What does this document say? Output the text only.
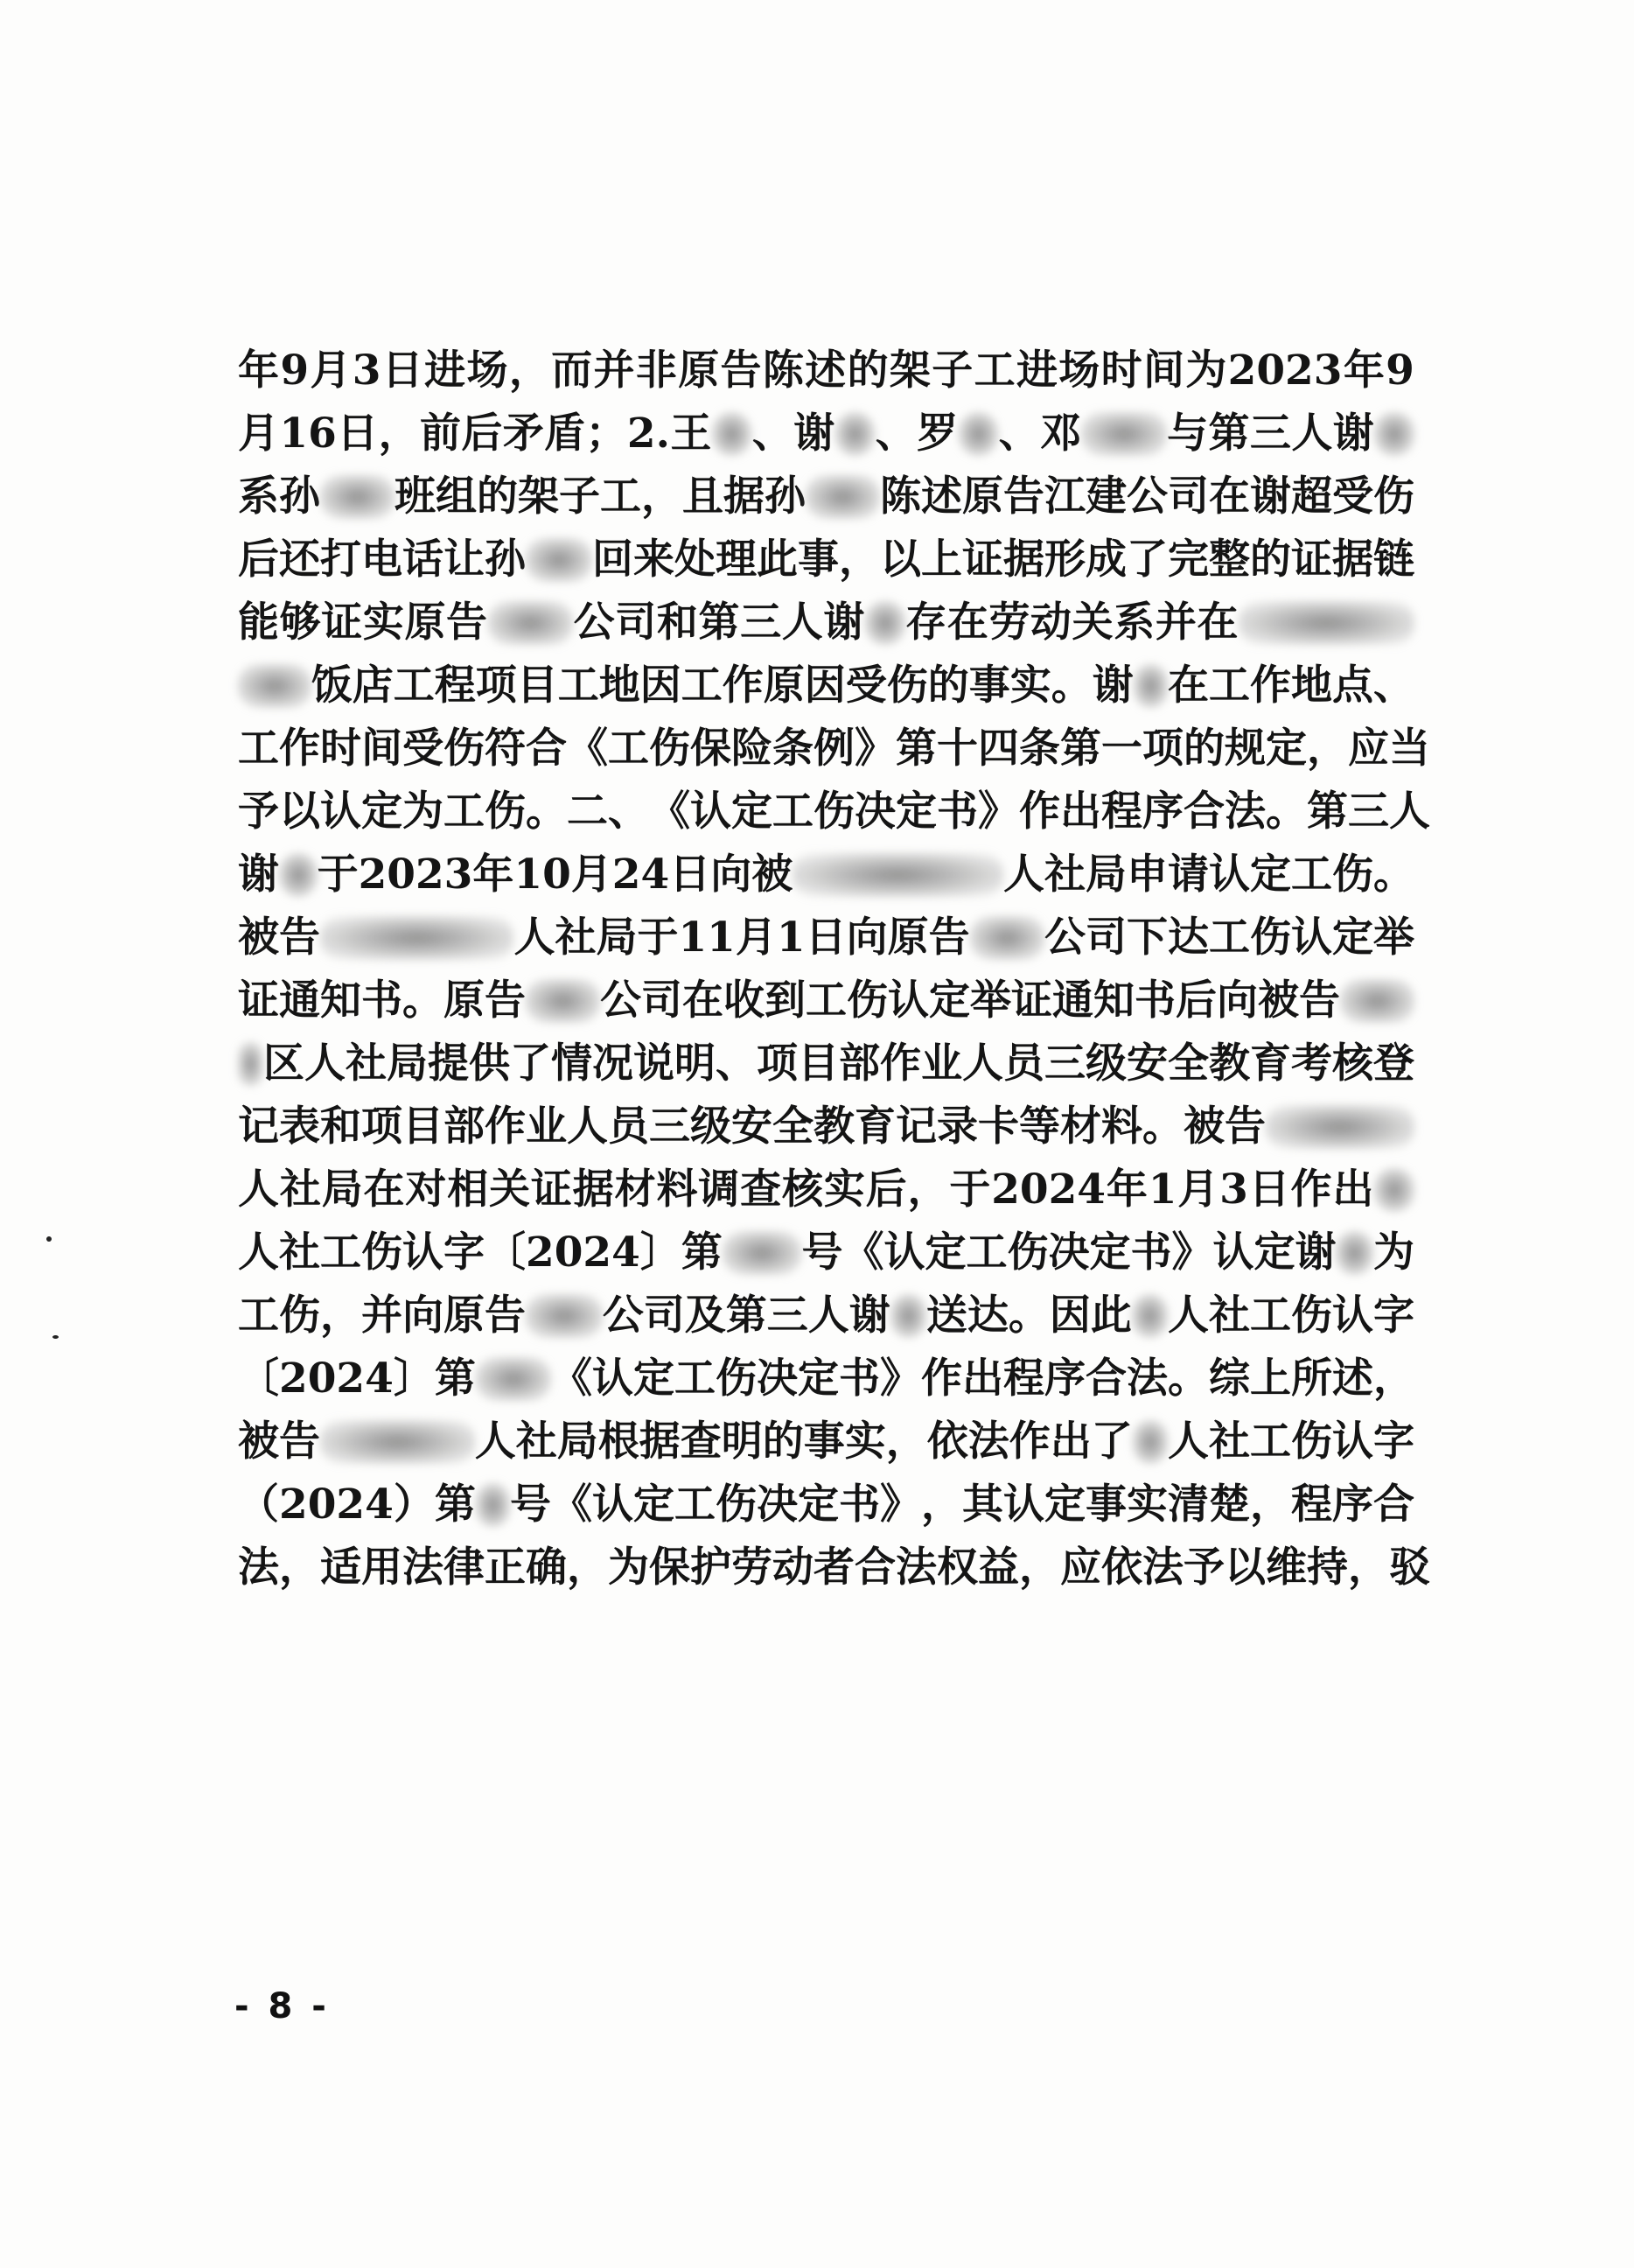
年 9 月 3 日 进 场 ， 而 并 非 原 告 陈 述 的 架 子 工 进 场 时 间 为 2023 年 9
月 16 日 ， 前 后 矛 盾 ； 2. 王 、 谢 、 罗 、 邓 与 第 三 人 谢
系 孙 班 组 的 架 子 工 ， 且 据 孙 陈 述 原 告 江 建 公 司 在 谢 超 受 伤
后 还 打 电 话 让 孙 回 来 处 理 此 事 ， 以 上 证 据 形 成 了 完 整 的 证 据 链
能 够 证 实 原 告 公 司 和 第 三 人 谢 存 在 劳 动 关 系 并 在
饭 店 工 程 项 目 工 地 因 工 作 原 因 受 伤 的 事 实 。 谢 在 工 作 地 点 、
工 作 时 间 受 伤 符 合 《 工 伤 保 险 条 例 》 第 十 四 条 第 一 项 的 规 定 ， 应 当
予 以 认 定 为 工 伤 。 二 、 《 认 定 工 伤 决 定 书 》 作 出 程 序 合 法 。 第 三 人
谢 于 2023 年 10 月 24 日 向 被	人 社 局 申 请 认 定 工 伤 。
被 告	人 社 局 于 11 月 1 日 向 原 告 公 司 下 达 工 伤 认 定 举
证 通 知 书 。 原 告 公 司 在 收 到 工 伤 认 定 举 证 通 知 书 后 向 被 告
区 人 社 局 提 供 了 情 况 说 明 、 项 目 部 作 业 人 员 三 级 安 全 教 育 考 核 登
记 表 和 项 目 部 作 业 人 员 三 级 安 全 教 育 记 录 卡 等 材 料 。 被 告
人 社 局 在 对 相 关 证 据 材 料 调 查 核 实 后 ， 于 2024 年 1 月 3 日 作 出
人 社 工 伤 认 字 〔 2024 〕 第 号 《 认 定 工 伤 决 定 书 》 认 定 谢 为
工 伤 ， 并 向 原 告 公 司 及 第 三 人 谢 送 达 。 因 此 人 社 工 伤 认 字
〔 2024 〕 第 《 认 定 工 伤 决 定 书 》 作 出 程 序 合 法 。 综 上 所 述 ，
被 告	人 社 局 根 据 查 明 的 事 实 ， 依 法 作 出 了 人 社 工 伤 认 字
（ 2024 ） 第 号 《 认 定 工 伤 决 定 书 》 ， 其 认 定 事 实 清 楚 ， 程 序 合
法 ， 适 用 法 律 正 确 ， 为 保 护 劳 动 者 合 法 权 益 ， 应 依 法 予 以 维 持 ， 驳
- 8 -
